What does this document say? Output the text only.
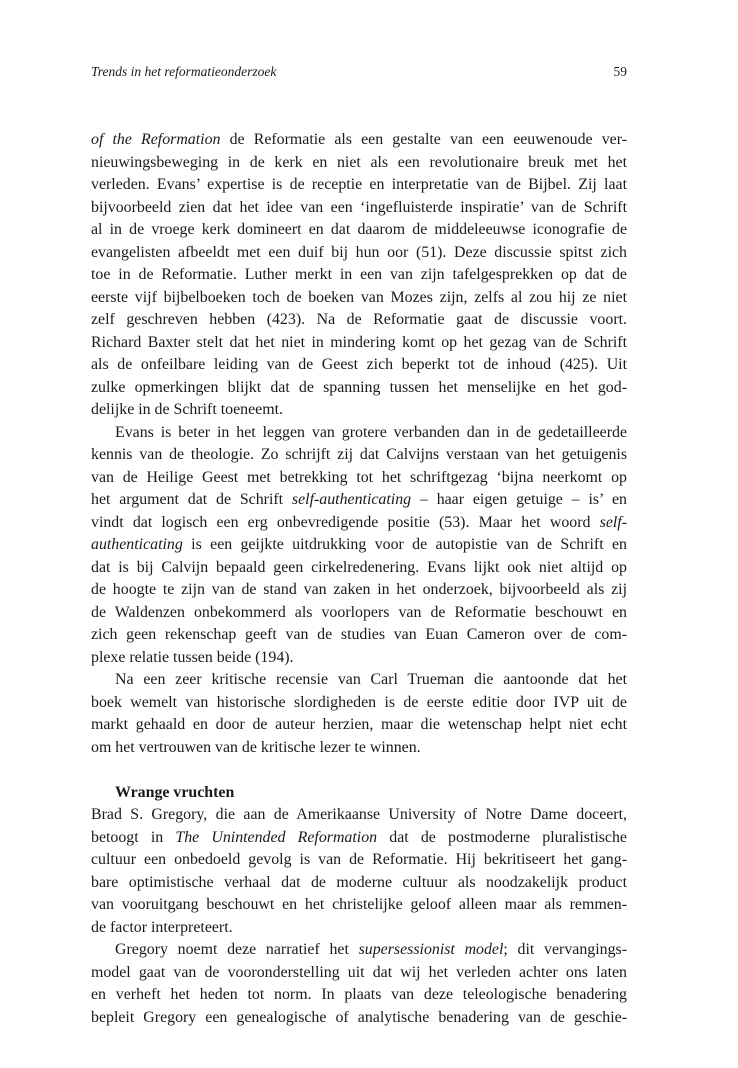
Trends in het reformatieonderzoek	59
of the Reformation de Reformatie als een gestalte van een eeuwenoude ver-
nieuwingsbeweging in de kerk en niet als een revolutionaire breuk met het
verleden. Evans’ expertise is de receptie en interpretatie van de Bijbel. Zij laat
bijvoorbeeld zien dat het idee van een ‘ingefluisterde inspiratie’ van de Schrift
al in de vroege kerk domineert en dat daarom de middeleeuwse iconografie de
evangelisten afbeeldt met een duif bij hun oor (51). Deze discussie spitst zich
toe in de Reformatie. Luther merkt in een van zijn tafelgesprekken op dat de
eerste vijf bijbelboeken toch de boeken van Mozes zijn, zelfs al zou hij ze niet
zelf geschreven hebben (423). Na de Reformatie gaat de discussie voort.
Richard Baxter stelt dat het niet in mindering komt op het gezag van de Schrift
als de onfeilbare leiding van de Geest zich beperkt tot de inhoud (425). Uit
zulke opmerkingen blijkt dat de spanning tussen het menselijke en het god-
delijke in de Schrift toeneemt.
Evans is beter in het leggen van grotere verbanden dan in de gedetailleerde
kennis van de theologie. Zo schrijft zij dat Calvijns verstaan van het getuigenis
van de Heilige Geest met betrekking tot het schriftgezag ‘bijna neerkomt op
het argument dat de Schrift self-authenticating – haar eigen getuige – is’ en
vindt dat logisch een erg onbevredigende positie (53). Maar het woord self-
authenticating is een geijkte uitdrukking voor de autopistie van de Schrift en
dat is bij Calvijn bepaald geen cirkelredenering. Evans lijkt ook niet altijd op
de hoogte te zijn van de stand van zaken in het onderzoek, bijvoorbeeld als zij
de Waldenzen onbekommerd als voorlopers van de Reformatie beschouwt en
zich geen rekenschap geeft van de studies van Euan Cameron over de com-
plexe relatie tussen beide (194).
Na een zeer kritische recensie van Carl Trueman die aantoonde dat het
boek wemelt van historische slordigheden is de eerste editie door IVP uit de
markt gehaald en door de auteur herzien, maar die wetenschap helpt niet echt
om het vertrouwen van de kritische lezer te winnen.
Wrange vruchten
Brad S. Gregory, die aan de Amerikaanse University of Notre Dame doceert,
betoogt in The Unintended Reformation dat de postmoderne pluralistische
cultuur een onbedoeld gevolg is van de Reformatie. Hij bekritiseert het gang-
bare optimistische verhaal dat de moderne cultuur als noodzakelijk product
van vooruitgang beschouwt en het christelijke geloof alleen maar als remmen-
de factor interpreteert.
Gregory noemt deze narratief het supersessionist model; dit vervangings-
model gaat van de vooronderstelling uit dat wij het verleden achter ons laten
en verheft het heden tot norm. In plaats van deze teleologische benadering
bepleit Gregory een genealogische of analytische benadering van de geschie-
